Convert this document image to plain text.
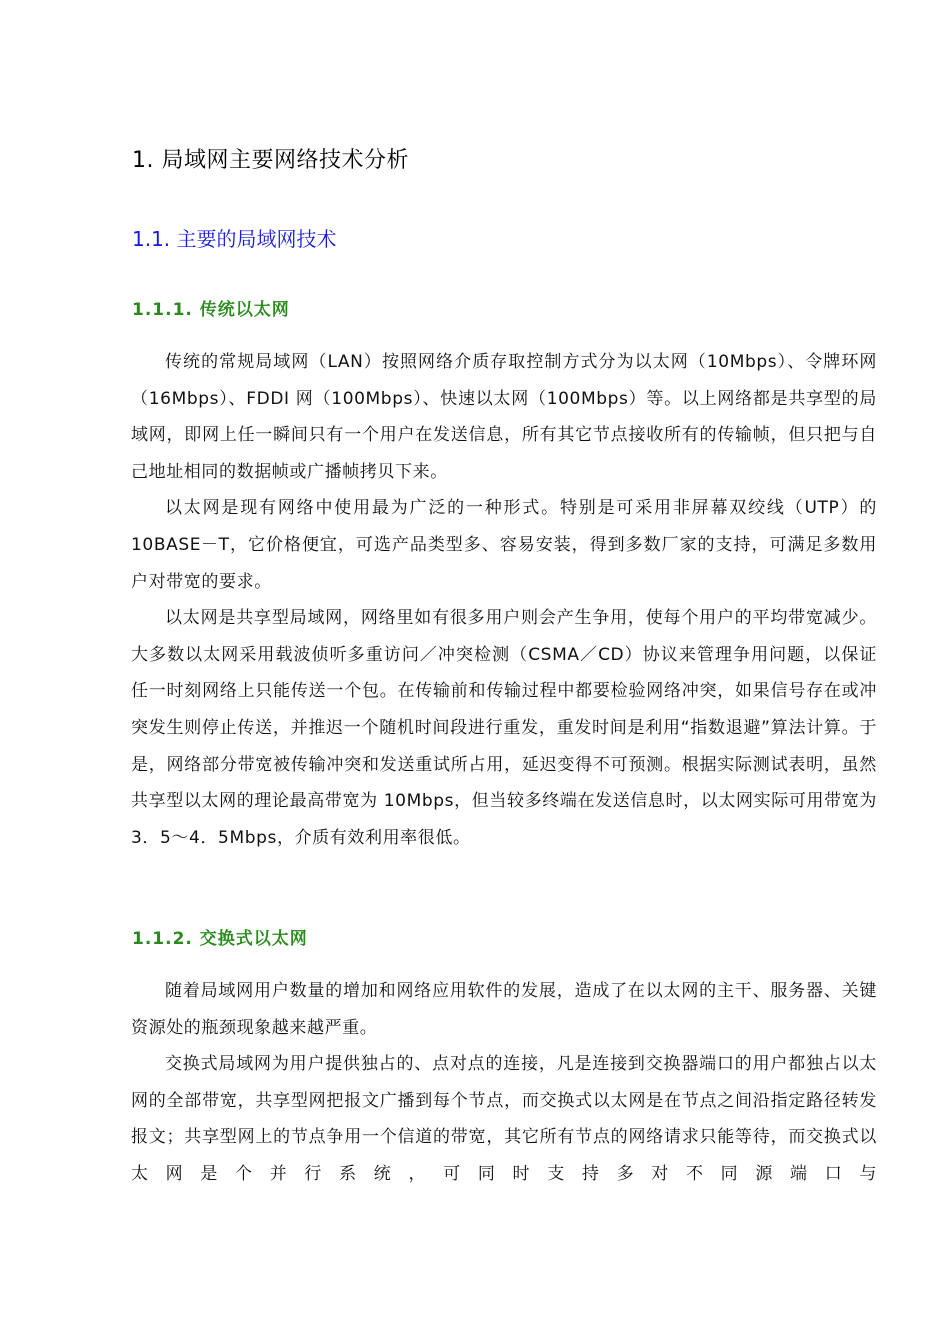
1. 局域网主要网络技术分析
1.1. 主要的局域网技术
1.1.1. 传统以太网

传统的常规局域网（LAN）按照网络介质存取控制方式分为以太网（10Mbps）、令牌环网（16Mbps）、FDDI 网（100Mbps）、快速以太网（100Mbps）等。以上网络都是共享型的局域网，即网上任一瞬间只有一个用户在发送信息，所有其它节点接收所有的传输帧，但只把与自己地址相同的数据帧或广播帧拷贝下来。

以太网是现有网络中使用最为广泛的一种形式。特别是可采用非屏幕双绞线（UTP）的 10BASE－T，它价格便宜，可选产品类型多、容易安装，得到多数厂家的支持，可满足多数用户对带宽的要求。

以太网是共享型局域网，网络里如有很多用户则会产生争用，使每个用户的平均带宽减少。大多数以太网采用载波侦听多重访问／冲突检测（CSMA／CD）协议来管理争用问题，以保证任一时刻网络上只能传送一个包。在传输前和传输过程中都要检验网络冲突，如果信号存在或冲突发生则停止传送，并推迟一个随机时间段进行重发，重发时间是利用“指数退避”算法计算。于是，网络部分带宽被传输冲突和发送重试所占用，延迟变得不可预测。根据实际测试表明，虽然共享型以太网的理论最高带宽为 10Mbps，但当较多终端在发送信息时，以太网实际可用带宽为 3．5～4．5Mbps，介质有效利用率很低。

1.1.2. 交换式以太网

随着局域网用户数量的增加和网络应用软件的发展，造成了在以太网的主干、服务器、关键资源处的瓶颈现象越来越严重。

交换式局域网为用户提供独占的、点对点的连接，凡是连接到交换器端口的用户都独占以太网的全部带宽，共享型网把报文广播到每个节点，而交换式以太网是在节点之间沿指定路径转发报文；共享型网上的节点争用一个信道的带宽，其它所有节点的网络请求只能等待，而交换式以太网是个并行系统，可同时支持多对不同源端口与
